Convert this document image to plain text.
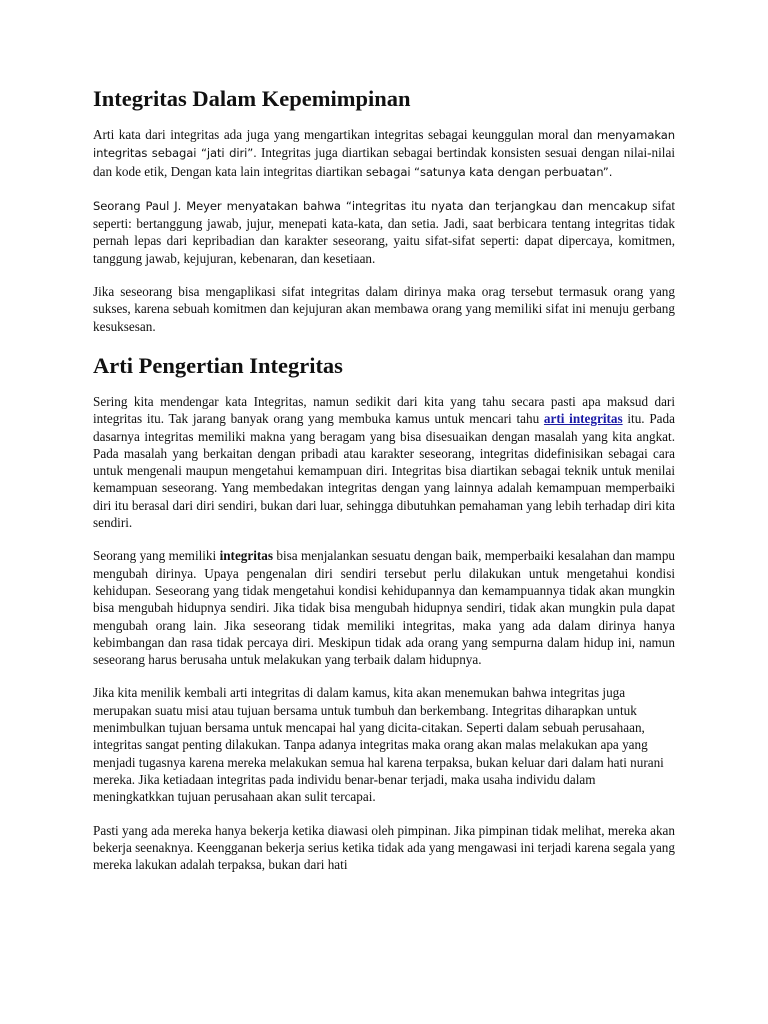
Integritas Dalam Kepemimpinan

Arti kata dari integritas ada juga yang mengartikan integritas sebagai keunggulan moral dan menyamakan integritas sebagai “jati diri”. Integritas juga diartikan sebagai bertindak konsisten sesuai dengan nilai-nilai dan kode etik, Dengan kata lain integritas diartikan sebagai “satunya kata dengan perbuatan”.

Seorang Paul J. Meyer menyatakan bahwa “integritas itu nyata dan terjangkau dan mencakup sifat seperti: bertanggung jawab, jujur, menepati kata-kata, dan setia. Jadi, saat berbicara tentang integritas tidak pernah lepas dari kepribadian dan karakter seseorang, yaitu sifat-sifat seperti: dapat dipercaya, komitmen, tanggung jawab, kejujuran, kebenaran, dan kesetiaan.

Jika seseorang bisa mengaplikasi sifat integritas dalam dirinya maka orag tersebut termasuk orang yang sukses, karena sebuah komitmen dan kejujuran akan membawa orang yang memiliki sifat ini menuju gerbang kesuksesan.

Arti Pengertian Integritas

Sering kita mendengar kata Integritas, namun sedikit dari kita yang tahu secara pasti apa maksud dari integritas itu. Tak jarang banyak orang yang membuka kamus untuk mencari tahu arti integritas itu. Pada dasarnya integritas memiliki makna yang beragam yang bisa disesuaikan dengan masalah yang kita angkat. Pada masalah yang berkaitan dengan pribadi atau karakter seseorang, integritas didefinisikan sebagai cara untuk mengenali maupun mengetahui kemampuan diri. Integritas bisa diartikan sebagai teknik untuk menilai kemampuan seseorang. Yang membedakan integritas dengan yang lainnya adalah kemampuan memperbaiki diri itu berasal dari diri sendiri, bukan dari luar, sehingga dibutuhkan pemahaman yang lebih terhadap diri kita sendiri.

Seorang yang memiliki integritas bisa menjalankan sesuatu dengan baik, memperbaiki kesalahan dan mampu mengubah dirinya. Upaya pengenalan diri sendiri tersebut perlu dilakukan untuk mengetahui kondisi kehidupan. Seseorang yang tidak mengetahui kondisi kehidupannya dan kemampuannya tidak akan mungkin bisa mengubah hidupnya sendiri. Jika tidak bisa mengubah hidupnya sendiri, tidak akan mungkin pula dapat mengubah orang lain. Jika seseorang tidak memiliki integritas, maka yang ada dalam dirinya hanya kebimbangan dan rasa tidak percaya diri. Meskipun tidak ada orang yang sempurna dalam hidup ini, namun seseorang harus berusaha untuk melakukan yang terbaik dalam hidupnya.

Jika kita menilik kembali arti integritas di dalam kamus, kita akan menemukan bahwa integritas juga merupakan suatu misi atau tujuan bersama untuk tumbuh dan berkembang. Integritas diharapkan untuk menimbulkan tujuan bersama untuk mencapai hal yang dicita-citakan. Seperti dalam sebuah perusahaan, integritas sangat penting dilakukan. Tanpa adanya integritas maka orang akan malas melakukan apa yang menjadi tugasnya karena mereka melakukan semua hal karena terpaksa, bukan keluar dari dalam hati nurani mereka. Jika ketiadaan integritas pada individu benar-benar terjadi, maka usaha individu dalam meningkatkkan tujuan perusahaan akan sulit tercapai.

Pasti yang ada mereka hanya bekerja ketika diawasi oleh pimpinan. Jika pimpinan tidak melihat, mereka akan bekerja seenaknya. Keengganan bekerja serius ketika tidak ada yang mengawasi ini terjadi karena segala yang mereka lakukan adalah terpaksa, bukan dari hati
